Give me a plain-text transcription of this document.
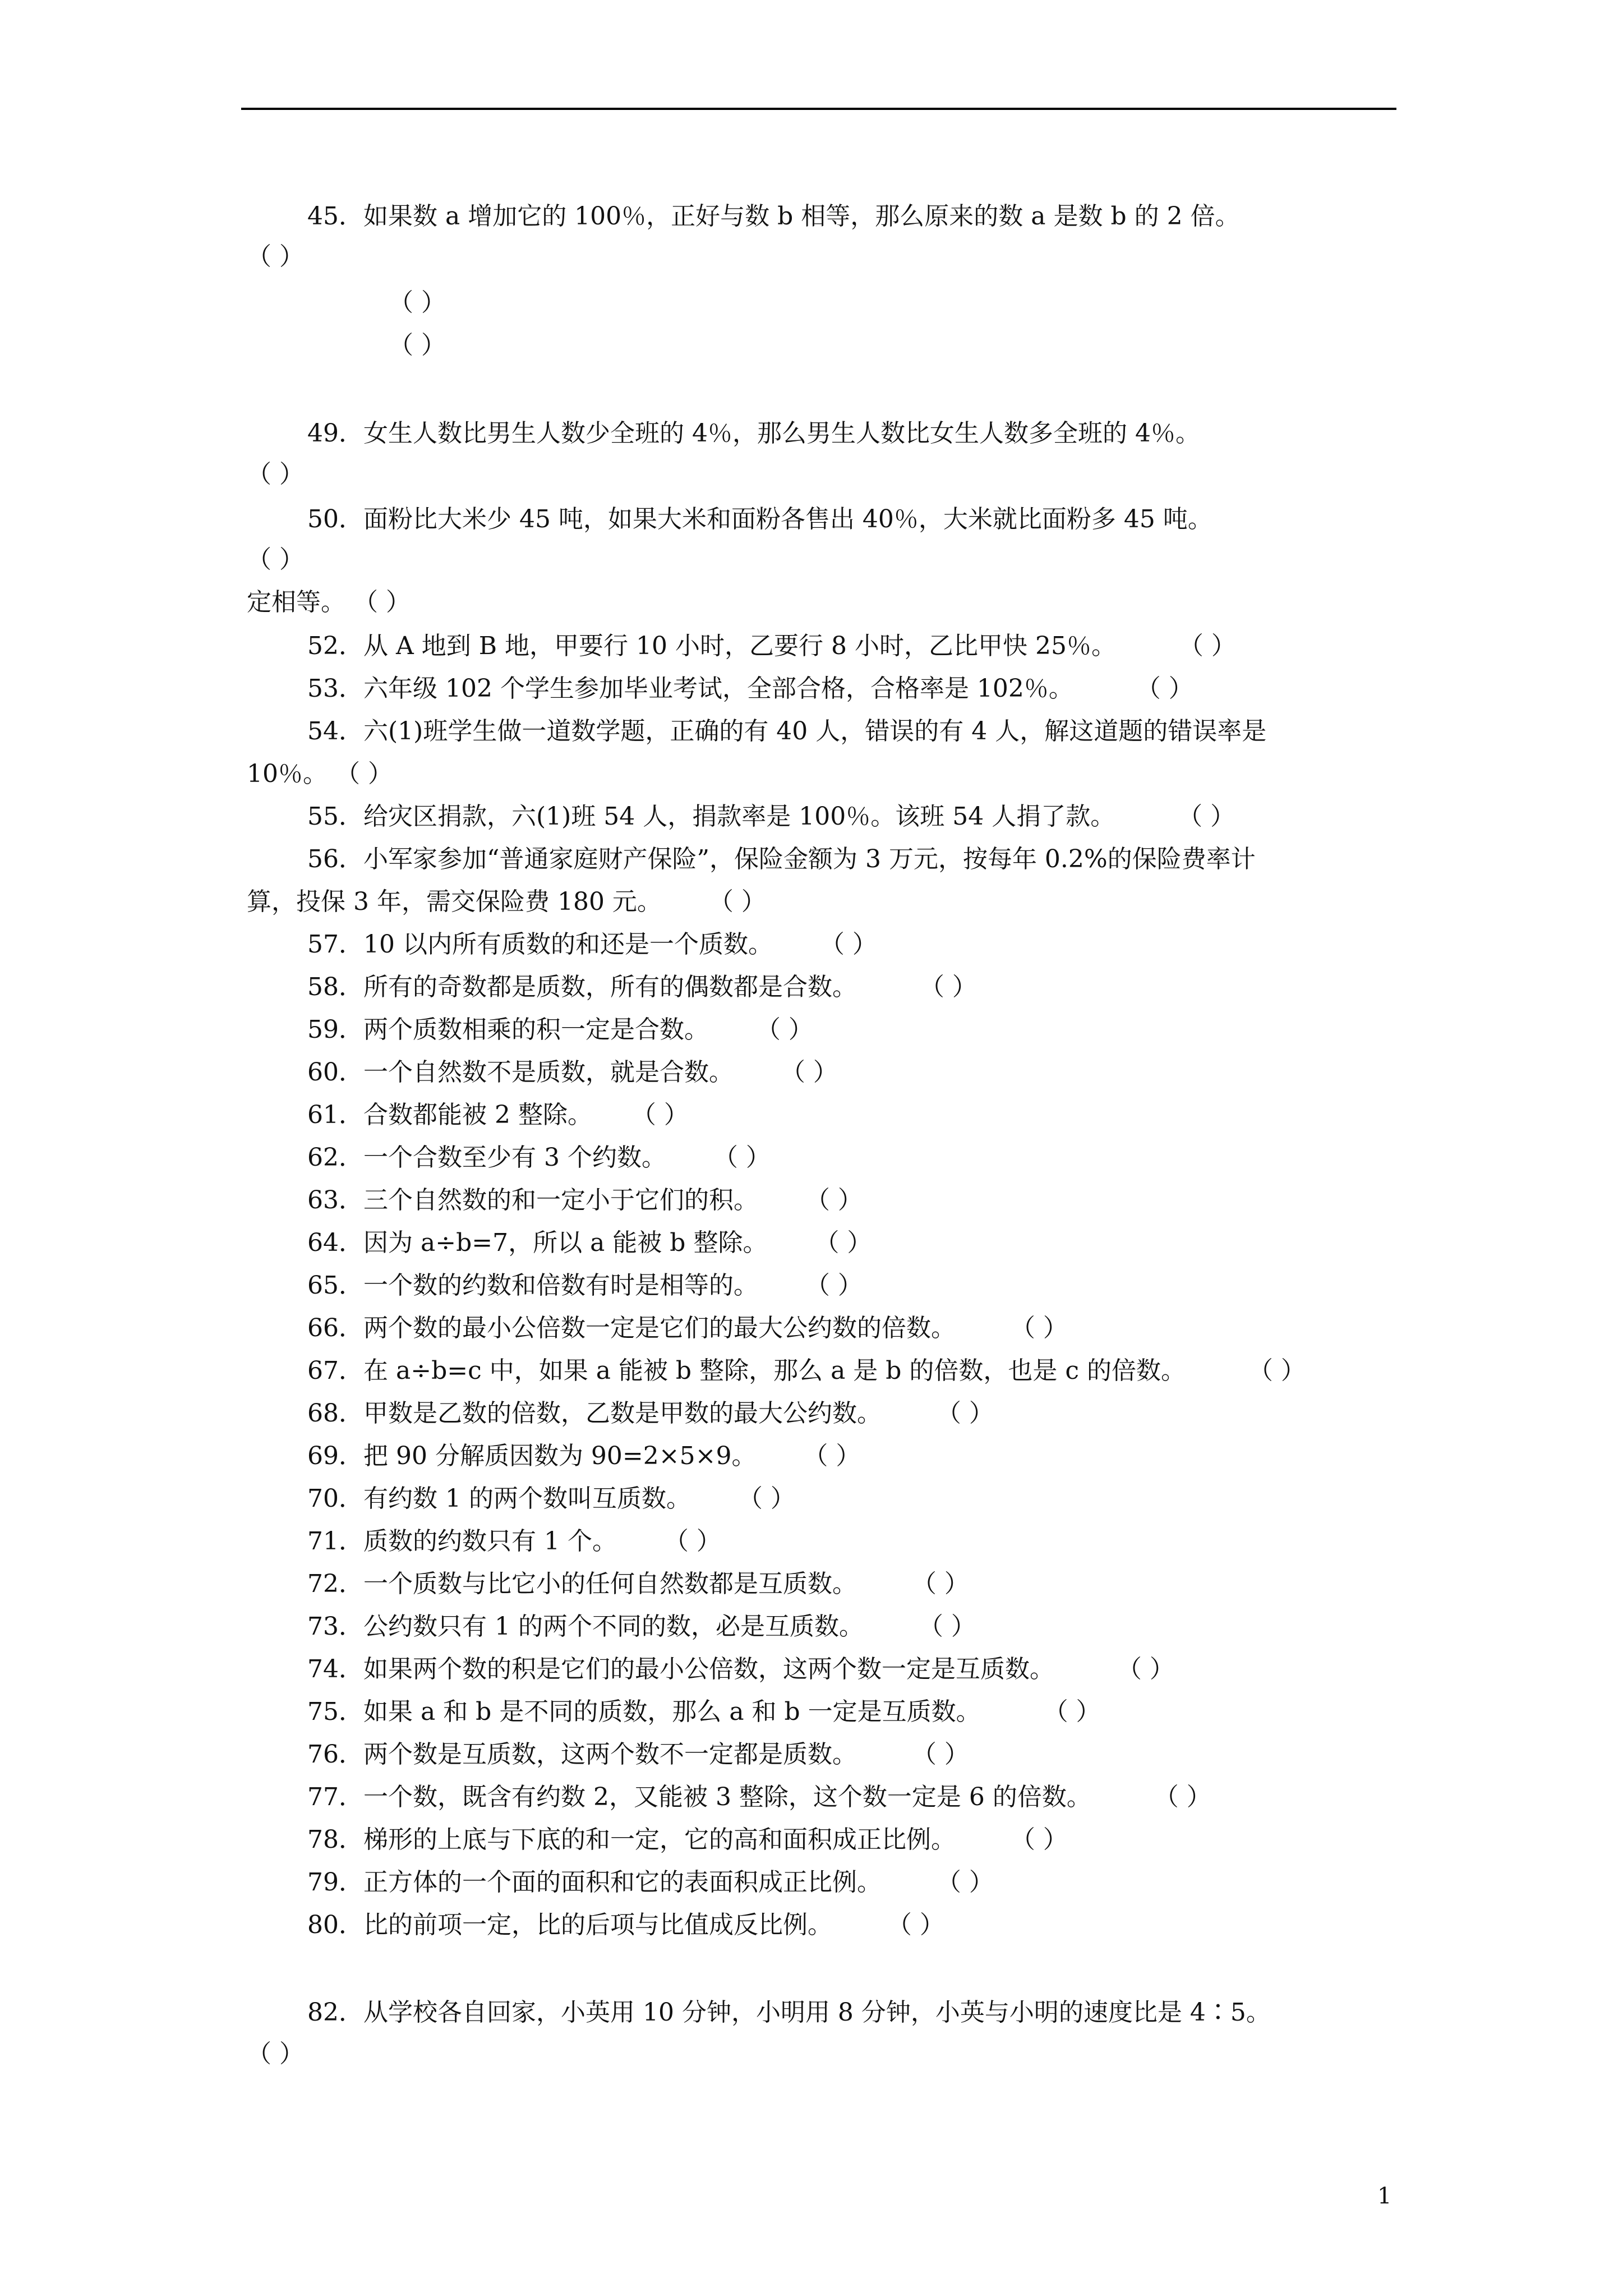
45．如果数 a 增加它的 100％，正好与数 b 相等，那么原来的数 a 是数 b 的 2 倍。
（ ）
（ ）
（ ）
49．女生人数比男生人数少全班的 4％，那么男生人数比女生人数多全班的 4％。
（ ）
50．面粉比大米少 45 吨，如果大米和面粉各售出 40％，大米就比面粉多 45 吨。
（ ）
定相等。 （ ）
52．从 A 地到 B 地，甲要行 10 小时，乙要行 8 小时，乙比甲快 25％。        （ ）
53．六年级 102 个学生参加毕业考试，全部合格，合格率是 102％。        （ ）
54．六(1)班学生做一道数学题，正确的有 40 人，错误的有 4 人，解这道题的错误率是
10％。 （ ）
55．给灾区捐款，六(1)班 54 人，捐款率是 100％。该班 54 人捐了款。        （ ）
56．小军家参加“普通家庭财产保险”，保险金额为 3 万元，按每年 0.2%的保险费率计
算，投保 3 年，需交保险费 180 元。      （ ）
57．10 以内所有质数的和还是一个质数。      （ ）
58．所有的奇数都是质数，所有的偶数都是合数。        （ ）
59．两个质数相乘的积一定是合数。      （ ）
60．一个自然数不是质数，就是合数。      （ ）
61．合数都能被 2 整除。     （ ）
62．一个合数至少有 3 个约数。      （ ）
63．三个自然数的和一定小于它们的积。      （ ）
64．因为 a÷b=7，所以 a 能被 b 整除。      （ ）
65．一个数的约数和倍数有时是相等的。      （ ）
66．两个数的最小公倍数一定是它们的最大公约数的倍数。       （ ）
67．在 a÷b=c 中，如果 a 能被 b 整除，那么 a 是 b 的倍数，也是 c 的倍数。        （ ）
68．甲数是乙数的倍数，乙数是甲数的最大公约数。       （ ）
69．把 90 分解质因数为 90=2×5×9。      （ ）
70．有约数 1 的两个数叫互质数。      （ ）
71．质数的约数只有 1 个。      （ ）
72．一个质数与比它小的任何自然数都是互质数。       （ ）
73．公约数只有 1 的两个不同的数，必是互质数。       （ ）
74．如果两个数的积是它们的最小公倍数，这两个数一定是互质数。        （ ）
75．如果 a 和 b 是不同的质数，那么 a 和 b 一定是互质数。        （ ）
76．两个数是互质数，这两个数不一定都是质数。       （ ）
77．一个数，既含有约数 2，又能被 3 整除，这个数一定是 6 的倍数。        （ ）
78．梯形的上底与下底的和一定，它的高和面积成正比例。       （ ）
79．正方体的一个面的面积和它的表面积成正比例。       （ ）
80．比的前项一定，比的后项与比值成反比例。       （ ）
82．从学校各自回家，小英用 10 分钟，小明用 8 分钟，小英与小明的速度比是 4∶5。
（ ）
1
